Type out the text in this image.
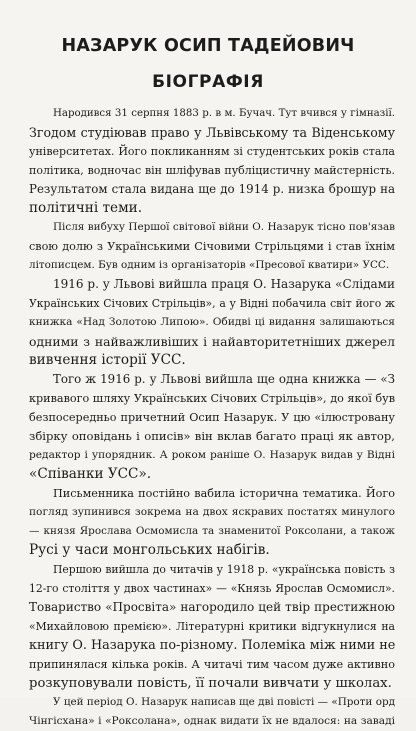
НАЗАРУК ОСИП ТАДЕЙОВИЧ
БІОГРАФІЯ
Народився 31 серпня 1883 р. в м. Бучач. Тут вчився у гімназії.
Згодом студіював право у Львівському та Віденському
університетах. Його покликанням зі студентських років стала
політика, водночас він шліфував публіцистичну майстерність.
Результатом стала видана ще до 1914 р. низка брошур на
політичні теми.
Після вибуху Першої світової війни О. Назарук тісно пов'язав
свою долю з Українськими Січовими Стрільцями і став їхнім
літописцем. Був одним із організаторів «Пресової кватири» УСС.
1916 р. у Львові вийшла праця О. Назарука «Слідами
Українських Січових Стрільців», а у Відні побачила світ його ж
книжка «Над Золотою Липою». Обидві ці видання залишаються
одними з найважливіших і найавторитетніших джерел
вивчення історії УСС.
Того ж 1916 р. у Львові вийшла ще одна книжка — «З
кривавого шляху Українських Січових Стрільців», до якої був
безпосередньо причетний Осип Назарук. У цю «ілюстровану
збірку оповідань і описів» він вклав багато праці як автор,
редактор і упорядник. А роком раніше О. Назарук видав у Відні
«Співанки УСС».
Письменника постійно вабила історична тематика. Його
погляд зупинився зокрема на двох яскравих постатях минулого
— князя Ярослава Осмомисла та знаменитої Роксолани, а також
Русі у часи монгольських набігів.
Першою вийшла до читачів у 1918 р. «українська повість з
12-го століття у двох частинах» — «Князь Ярослав Осмомисл».
Товариство «Просвіта» нагородило цей твір престижною
«Михайловою премією». Літературні критики відгукнулися на
книгу О. Назарука по-різному. Полеміка між ними не
припинялася кілька років. А читачі тим часом дуже активно
розкуповували повість, її почали вивчати у школах.
У цей період О. Назарук написав ще дві повісті — «Проти орд
Чінгісхана» і «Роксолана», однак видати їх не вдалося: на заваді
